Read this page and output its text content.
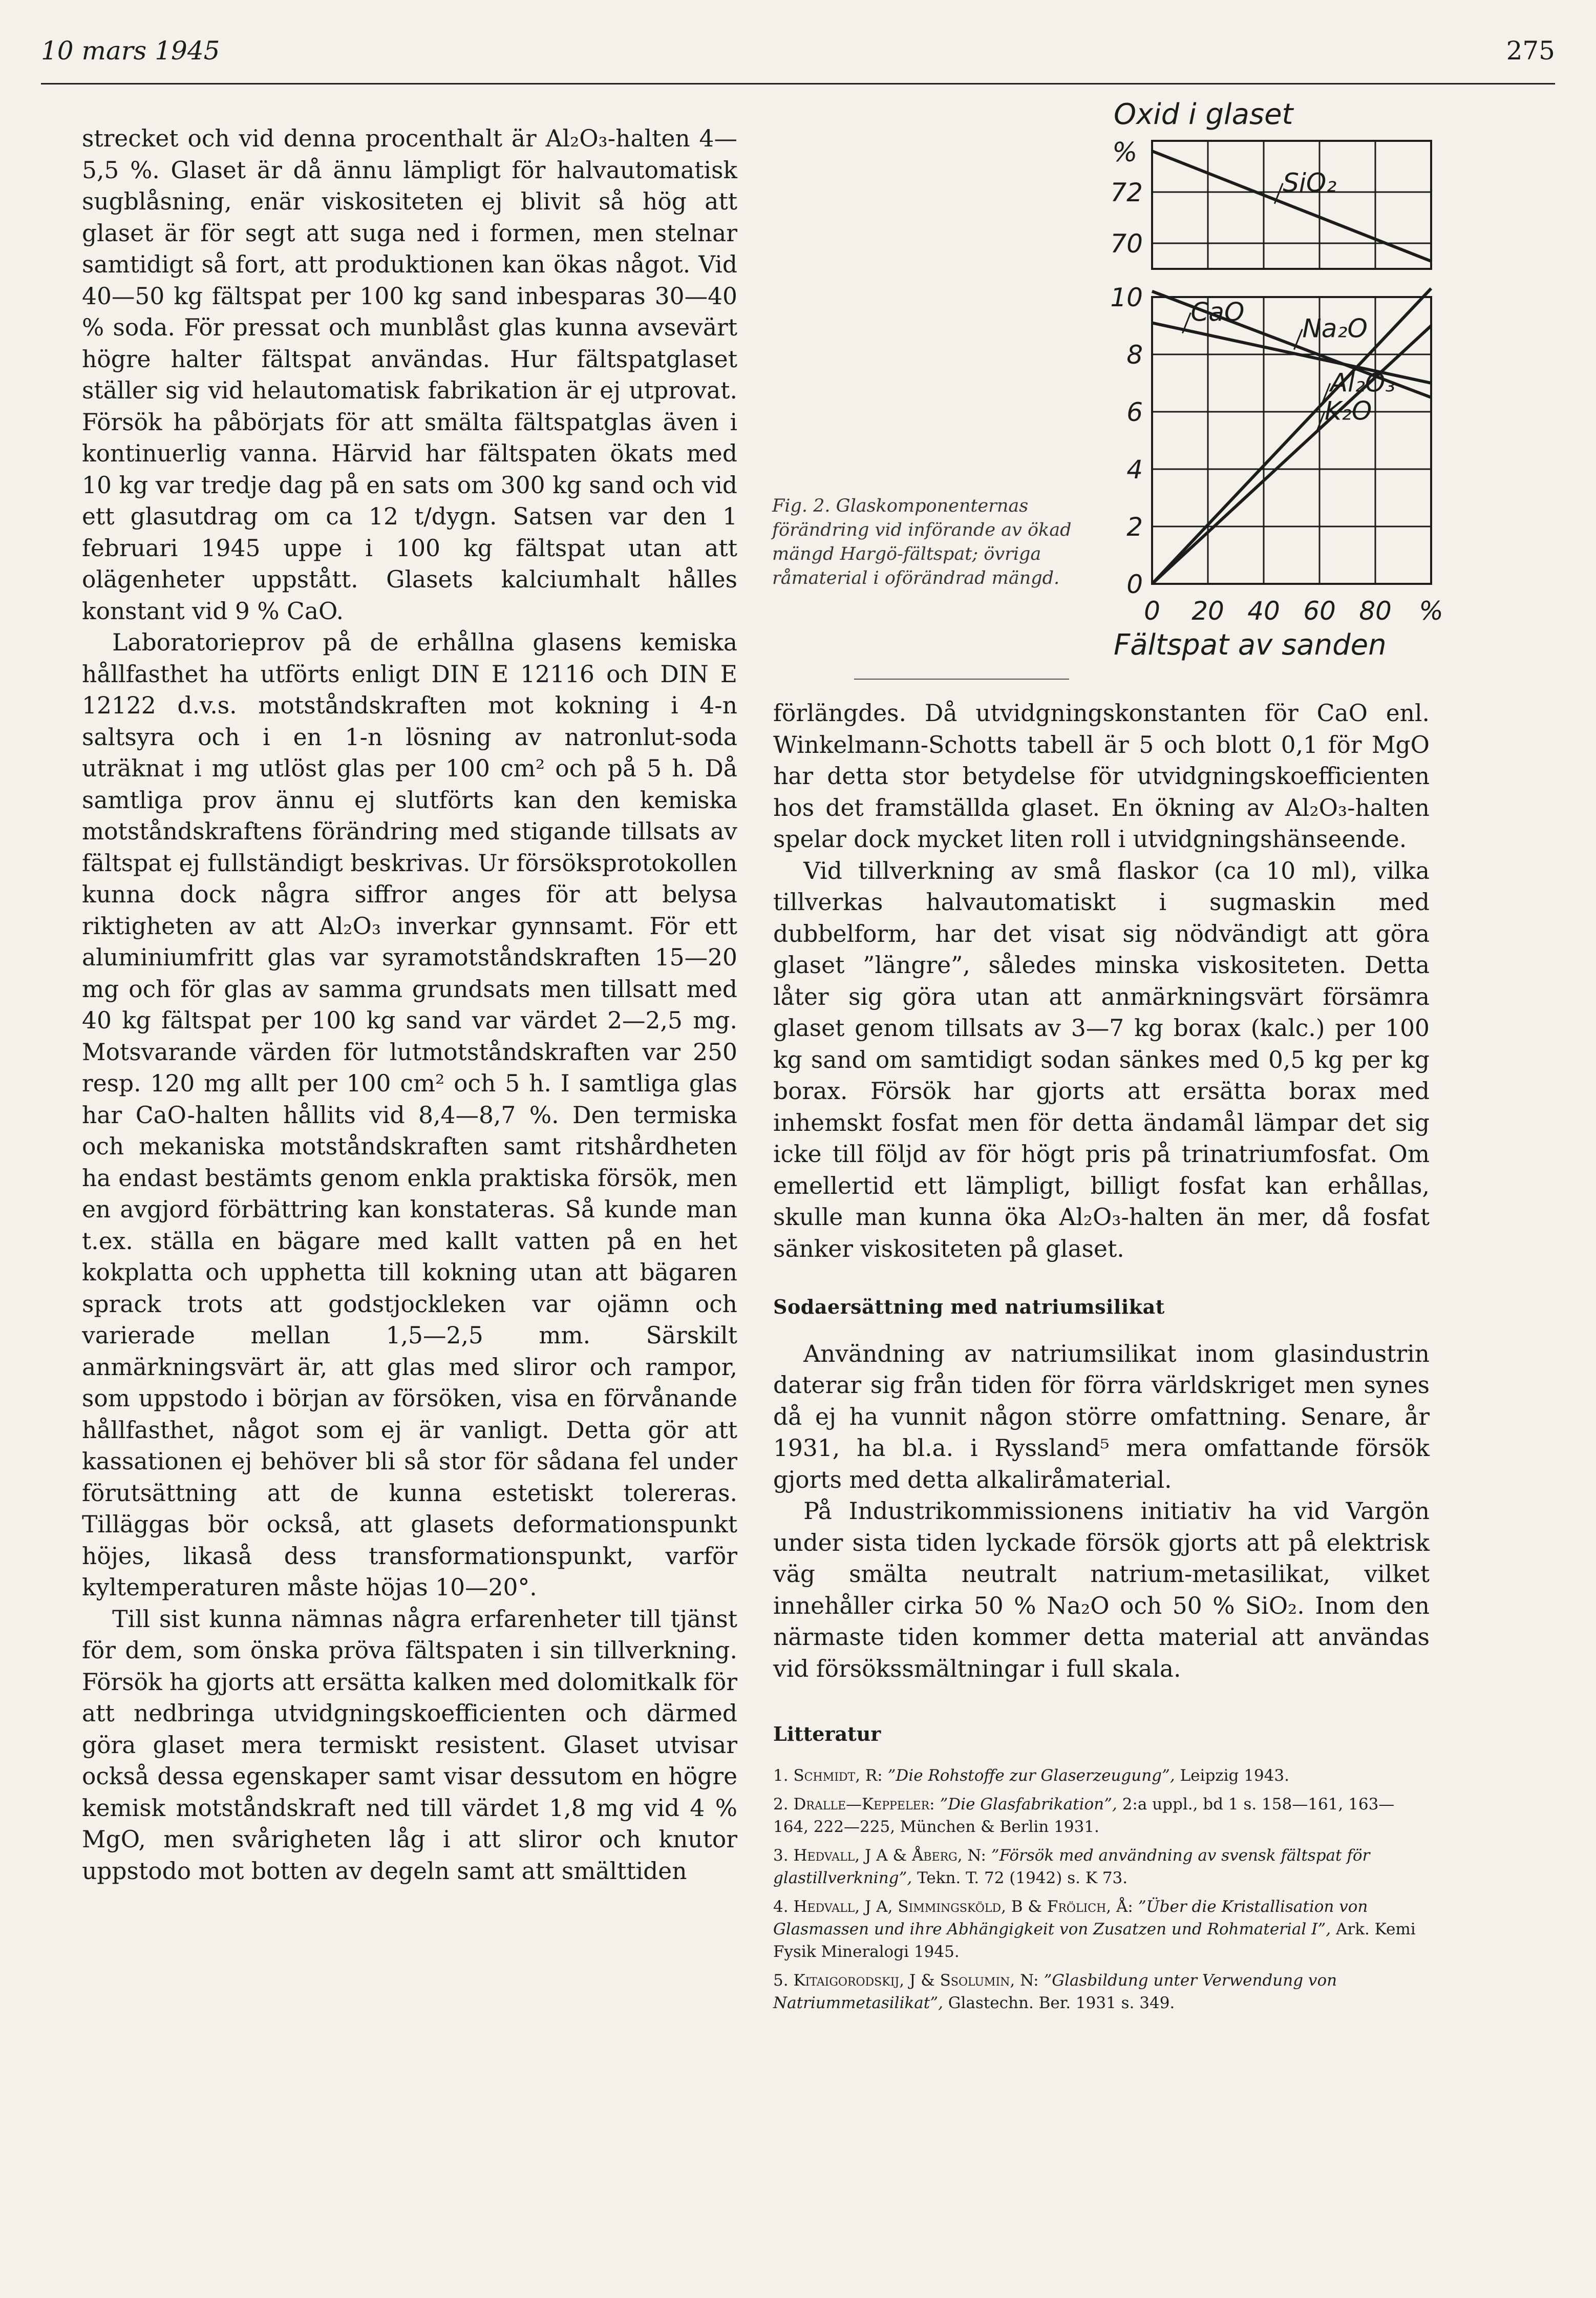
10 mars 1945	275

strecket och vid denna procenthalt är Al₂O₃-halten 4—5,5 %. Glaset är då ännu lämpligt för halvautomatisk sugblåsning, enär viskositeten ej blivit så hög att glaset är för segt att suga ned i formen, men stelnar samtidigt så fort, att produktionen kan ökas något. Vid 40—50 kg fältspat per 100 kg sand inbesparas 30—40 % soda. För pressat och munblåst glas kunna avsevärt högre halter fältspat användas. Hur fältspatglaset ställer sig vid helautomatisk fabrikation är ej utprovat. Försök ha påbörjats för att smälta fältspatglas även i kontinuerlig vanna. Härvid har fältspaten ökats med 10 kg var tredje dag på en sats om 300 kg sand och vid ett glasutdrag om ca 12 t/dygn. Satsen var den 1 februari 1945 uppe i 100 kg fältspat utan att olägenheter uppstått. Glasets kalciumhalt hålles konstant vid 9 % CaO.

Laboratorieprov på de erhållna glasens kemiska hållfasthet ha utförts enligt DIN E 12116 och DIN E 12122 d.v.s. motståndskraften mot kokning i 4-n saltsyra och i en 1-n lösning av natronlut-soda uträknat i mg utlöst glas per 100 cm² och på 5 h. Då samtliga prov ännu ej slutförts kan den kemiska motståndskraftens förändring med stigande tillsats av fältspat ej fullständigt beskrivas. Ur försöksprotokollen kunna dock några siffror anges för att belysa riktigheten av att Al₂O₃ inverkar gynnsamt. För ett aluminiumfritt glas var syramotståndskraften 15—20 mg och för glas av samma grundsats men tillsatt med 40 kg fältspat per 100 kg sand var värdet 2—2,5 mg. Motsvarande värden för lutmotståndskraften var 250 resp. 120 mg allt per 100 cm² och 5 h. I samtliga glas har CaO-halten hållits vid 8,4—8,7 %. Den termiska och mekaniska motståndskraften samt ritshårdheten ha endast bestämts genom enkla praktiska försök, men en avgjord förbättring kan konstateras. Så kunde man t.ex. ställa en bägare med kallt vatten på en het kokplatta och upphetta till kokning utan att bägaren sprack trots att godstjockleken var ojämn och varierade mellan 1,5—2,5 mm. Särskilt anmärkningsvärt är, att glas med sliror och rampor, som uppstodo i början av försöken, visa en förvånande hållfasthet, något som ej är vanligt. Detta gör att kassationen ej behöver bli så stor för sådana fel under förutsättning att de kunna estetiskt tolereras. Tilläggas bör också, att glasets deformationspunkt höjes, likaså dess transformationspunkt, varför kyltemperaturen måste höjas 10—20°.

Till sist kunna nämnas några erfarenheter till tjänst för dem, som önska pröva fältspaten i sin tillverkning. Försök ha gjorts att ersätta kalken med dolomitkalk för att nedbringa utvidgningskoefficienten och därmed göra glaset mera termiskt resistent. Glaset utvisar också dessa egenskaper samt visar dessutom en högre kemisk motståndskraft ned till värdet 1,8 mg vid 4 % MgO, men svårigheten låg i att sliror och knutor uppstodo mot botten av degeln samt att smälttiden

Oxid i glaset
%
SiO₂
Na₂O
CaO
K₂O
Al₂O₃
72
70
10
8
6
4
2
0
0 20 40 60 80 %
Fältspat av sanden
Fig. 2. Glaskomponenternas förändring vid införande av ökad mängd Hargö-fältspat; övriga råmaterial i oförändrad mängd.

förlängdes. Då utvidgningskonstanten för CaO enl. Winkelmann-Schotts tabell är 5 och blott 0,1 för MgO har detta stor betydelse för utvidgningskoefficienten hos det framställda glaset. En ökning av Al₂O₃-halten spelar dock mycket liten roll i utvidgningshänseende.

Vid tillverkning av små flaskor (ca 10 ml), vilka tillverkas halvautomatiskt i sugmaskin med dubbelform, har det visat sig nödvändigt att göra glaset ”längre”, således minska viskositeten. Detta låter sig göra utan att anmärkningsvärt försämra glaset genom tillsats av 3—7 kg borax (kalc.) per 100 kg sand om samtidigt sodan sänkes med 0,5 kg per kg borax. Försök har gjorts att ersätta borax med inhemskt fosfat men för detta ändamål lämpar det sig icke till följd av för högt pris på trinatriumfosfat. Om emellertid ett lämpligt, billigt fosfat kan erhållas, skulle man kunna öka Al₂O₃-halten än mer, då fosfat sänker viskositeten på glaset.

Sodaersättning med natriumsilikat

Användning av natriumsilikat inom glasindustrin daterar sig från tiden för förra världskriget men synes då ej ha vunnit någon större omfattning. Senare, år 1931, ha bl.a. i Ryssland⁵ mera omfattande försök gjorts med detta alkaliråmaterial.

På Industrikommissionens initiativ ha vid Vargön under sista tiden lyckade försök gjorts att på elektrisk väg smälta neutralt natrium-metasilikat, vilket innehåller cirka 50 % Na₂O och 50 % SiO₂. Inom den närmaste tiden kommer detta material att användas vid försökssmältningar i full skala.

Litteratur
1. Schmidt, R: ”Die Rohstoffe zur Glaserzeugung”, Leipzig 1943.
2. Dralle—Keppeler: ”Die Glasfabrikation”, 2:a uppl., bd 1 s. 158—161, 163—164, 222—225, München & Berlin 1931.
3. Hedvall, J A & Åberg, N: ”Försök med användning av svensk fältspat för glastillverkning”, Tekn. T. 72 (1942) s. K 73.
4. Hedvall, J A, Simmingsköld, B & Frölich, Å: ”Über die Kristallisation von Glasmassen und ihre Abhängigkeit von Zusatzen und Rohmaterial I”, Ark. Kemi Fysik Mineralogi 1945.
5. Kitaigorodskij, J & Ssolumin, N: ”Glasbildung unter Verwendung von Natriummetasilikat”, Glastechn. Ber. 1931 s. 349.
